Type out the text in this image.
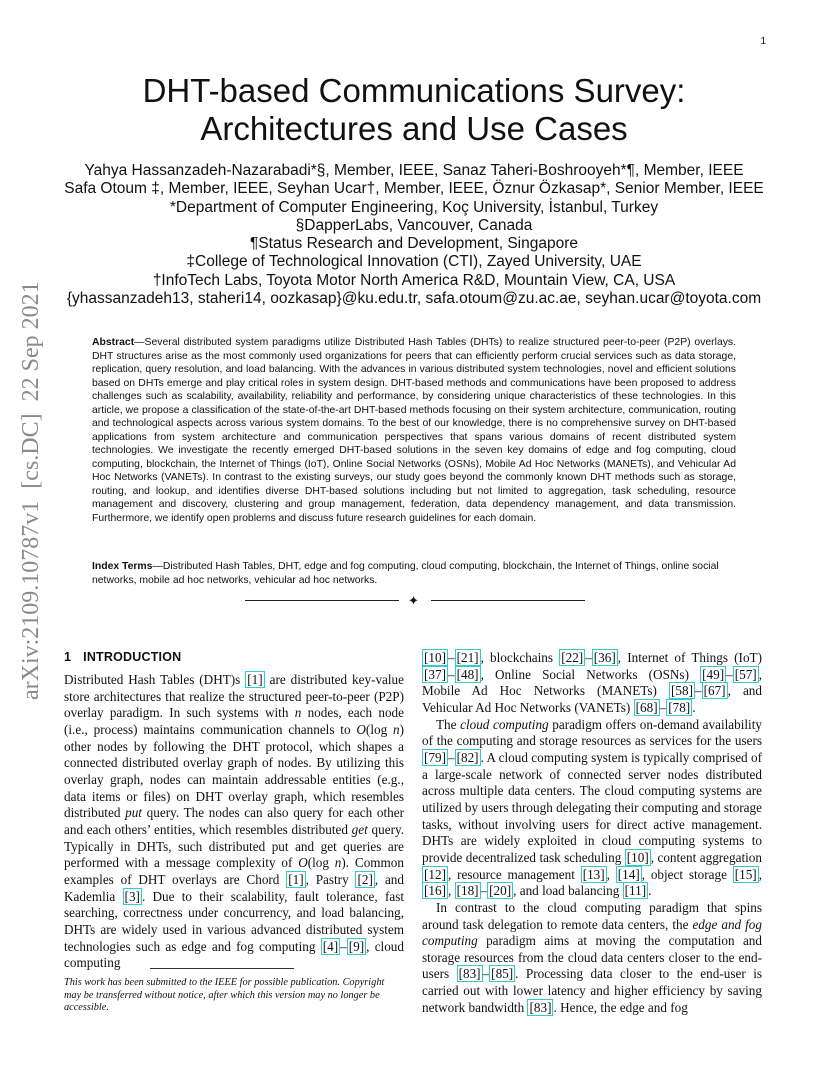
1
arXiv:2109.10787v1  [cs.DC]  22 Sep 2021
DHT-based Communications Survey:
Architectures and Use Cases
Yahya Hassanzadeh-Nazarabadi*§, Member, IEEE, Sanaz Taheri-Boshrooyeh*¶, Member, IEEE
Safa Otoum ‡, Member, IEEE, Seyhan Ucar†, Member, IEEE, Öznur Özkasap*, Senior Member, IEEE
*Department of Computer Engineering, Koç University, İstanbul, Turkey
§DapperLabs, Vancouver, Canada
¶Status Research and Development, Singapore
‡College of Technological Innovation (CTI), Zayed University, UAE
†InfoTech Labs, Toyota Motor North America R&D, Mountain View, CA, USA
{yhassanzadeh13, staheri14, oozkasap}@ku.edu.tr, safa.otoum@zu.ac.ae, seyhan.ucar@toyota.com
Abstract—Several distributed system paradigms utilize Distributed Hash Tables (DHTs) to realize structured peer-to-peer (P2P) overlays. DHT structures arise as the most commonly used organizations for peers that can efficiently perform crucial services such as data storage, replication, query resolution, and load balancing. With the advances in various distributed system technologies, novel and efficient solutions based on DHTs emerge and play critical roles in system design. DHT-based methods and communications have been proposed to address challenges such as scalability, availability, reliability and performance, by considering unique characteristics of these technologies. In this article, we propose a classification of the state-of-the-art DHT-based methods focusing on their system architecture, communication, routing and technological aspects across various system domains. To the best of our knowledge, there is no comprehensive survey on DHT-based applications from system architecture and communication perspectives that spans various domains of recent distributed system technologies. We investigate the recently emerged DHT-based solutions in the seven key domains of edge and fog computing, cloud computing, blockchain, the Internet of Things (IoT), Online Social Networks (OSNs), Mobile Ad Hoc Networks (MANETs), and Vehicular Ad Hoc Networks (VANETs). In contrast to the existing surveys, our study goes beyond the commonly known DHT methods such as storage, routing, and lookup, and identifies diverse DHT-based solutions including but not limited to aggregation, task scheduling, resource management and discovery, clustering and group management, federation, data dependency management, and data transmission. Furthermore, we identify open problems and discuss future research guidelines for each domain.
Index Terms—Distributed Hash Tables, DHT, edge and fog computing, cloud computing, blockchain, the Internet of Things, online social networks, mobile ad hoc networks, vehicular ad hoc networks.
✦
1 INTRODUCTION

Distributed Hash Tables (DHT)s [1] are distributed key-value store architectures that realize the structured peer-to-peer (P2P) overlay paradigm. In such systems with n nodes, each node (i.e., process) maintains communication channels to O(log n) other nodes by following the DHT protocol, which shapes a connected distributed overlay graph of nodes. By utilizing this overlay graph, nodes can maintain addressable entities (e.g., data items or files) on DHT overlay graph, which resembles distributed put query. The nodes can also query for each other and each others’ entities, which resembles distributed get query. Typically in DHTs, such distributed put and get queries are performed with a message complexity of O(log n). Common examples of DHT overlays are Chord [1] , Pastry [2] , and Kademlia [3] . Due to their scalability, fault tolerance, fast searching, correctness under concurrency, and load balancing, DHTs are widely used in various advanced distributed system technologies such as edge and fog computing [4] – [9] , cloud computing

[10] – [21] , blockchains [22] – [36] , Internet of Things (IoT) [37] – [48] , Online Social Networks (OSNs) [49] – [57] , Mobile Ad Hoc Networks (MANETs) [58] – [67] , and Vehicular Ad Hoc Networks (VANETs) [68] – [78] .

The cloud computing paradigm offers on-demand availability of the computing and storage resources as services for the users [79] – [82] . A cloud computing system is typically comprised of a large-scale network of connected server nodes distributed across multiple data centers. The cloud computing systems are utilized by users through delegating their computing and storage tasks, without involving users for direct active management. DHTs are widely exploited in cloud computing systems to provide decentralized task scheduling [10] , content aggregation [12] , resource management [13] , [14] , object storage [15] , [16] , [18] – [20] , and load balancing [11] .

In contrast to the cloud computing paradigm that spins around task delegation to remote data centers, the edge and fog computing paradigm aims at moving the computation and storage resources from the cloud data centers closer to the end-users [83] – [85] . Processing data closer to the end-user is carried out with lower latency and higher efficiency by saving network bandwidth [83] . Hence, the edge and fog

This work has been submitted to the IEEE for possible publication. Copyright may be transferred without notice, after which this version may no longer be accessible.
